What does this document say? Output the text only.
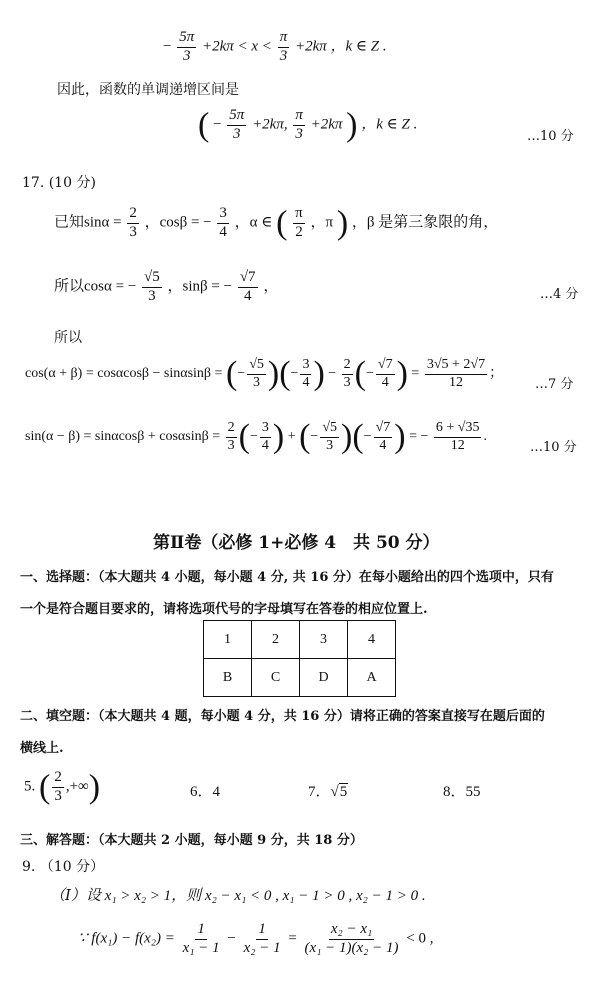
− $\frac{5\pi}{3} +2k\pi < x < \frac{\pi}{3} +2k\pi$ ，k ∈ Z .
因此，函数的单调递增区间是
( − $\frac{5\pi}{3} +2k\pi$, $\frac{\pi}{3} +2k\pi$ ) ，k ∈ Z .
…10 分
17. (10 分)
已知$\sin\alpha = \frac{2}{3}$ ，cosβ = − $\frac{3}{4}$ ，α ∈ ( $\frac{\pi}{2}$ ，π ) ，β 是第三象限的角，
所以cosα = − $\frac{√5}{3}$ ，sinβ = − $\frac{√7}{4}$ ，	…4 分
所以
cos(α + β) = cosαcosβ − sinαsinβ = (− $\frac{√5}{3}$ )(− $\frac{3}{4}$ ) − $\frac{2}{3}$ (− $\frac{√7}{4}$ ) = $\frac{3√5 + 2√7}{12}$ ；
…7 分
$\sin(\alpha - \beta) = \sin\alpha\cos\beta + \cos\alpha\sin\beta = \frac{2}{3}$ (− $\frac{3}{4}$ ) + (− $\frac{√5}{3}$ )(− $\frac{√7}{4}$ ) = − $\frac{6 + √35}{12}$ .
…10 分
第Ⅱ卷（必修 1+必修 4　共 50 分）
一、选择题：（本大题共 4 小题，每小题 4 分, 共 16 分）在每小题给出的四个选项中，只有
一个是符合题目要求的，请将选项代号的字母填写在答卷的相应位置上.
1	2	3	4
B	C	D	A
二、填空题：（本大题共 4 题，每小题 4 分，共 16 分）请将正确的答案直接写在题后面的
横线上.
5. ( $\frac{2}{3}$ ,+∞)	6．4	7．√5	8．55
三、解答题：（本大题共 2 小题，每小题 9 分，共 18 分）
9. （10 分）
（Ⅰ）设 x₁ > x₂ > 1，则 x₂ − x₁ < 0 , x₁ − 1 > 0 , x₂ − 1 > 0 .
∵ $f(x_1) - f(x_2) = \frac{1}{\text{x₁ − 1}} - \frac{1}{\text{x₂ − 1}} = \frac{\text{x₂ − x₁}}{\text{(x₁ − 1)(x₂ − 1)}} < 0$ ,
